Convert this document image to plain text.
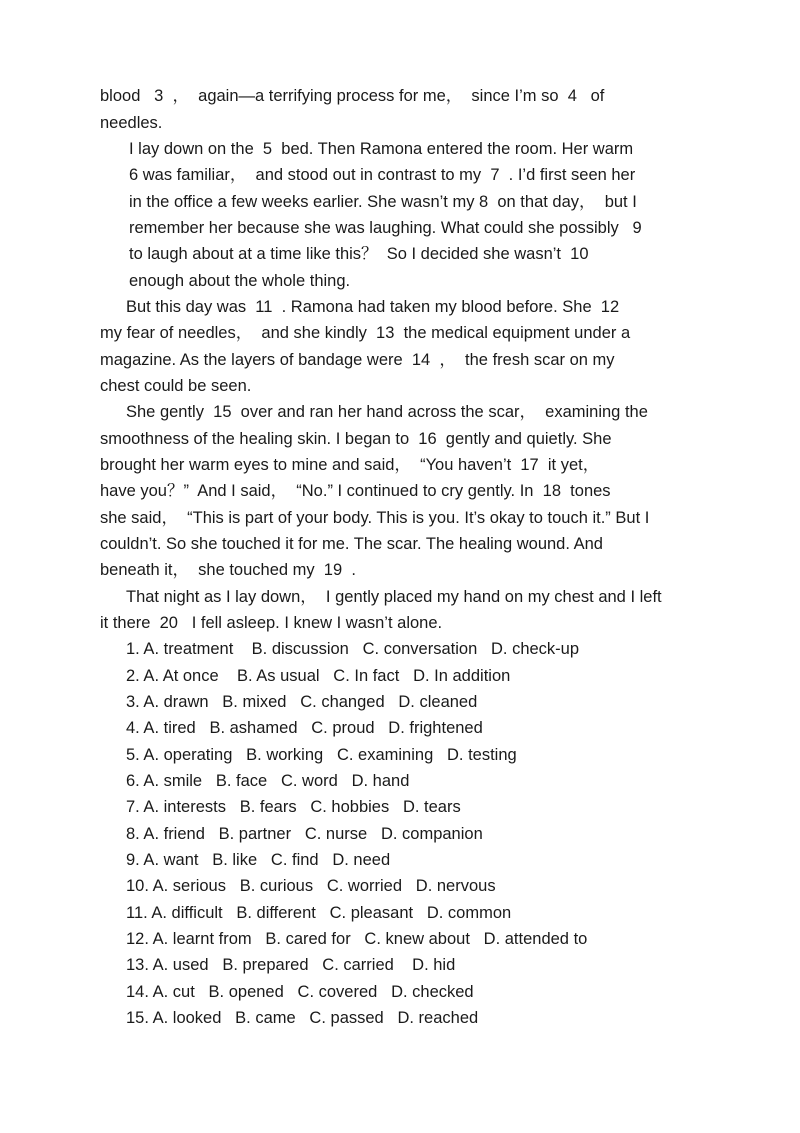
blood   3  ，  again—a terrifying process for me，  since I’m so  4   of
needles.
I lay down on the  5  bed. Then Ramona entered the room. Her warm
6 was familiar，  and stood out in contrast to my  7  . I’d first seen her
in the office a few weeks earlier. She wasn’t my 8  on that day，  but I
remember her because she was laughing. What could she possibly   9
to laugh about at a time like this？  So I decided she wasn’t  10
enough about the whole thing.
But this day was  11  . Ramona had taken my blood before. She  12
my fear of needles，  and she kindly  13  the medical equipment under a
magazine. As the layers of bandage were  14  ，  the fresh scar on my
chest could be seen.
She gently  15  over and ran her hand across the scar，  examining the
smoothness of the healing skin. I began to  16  gently and quietly. She
brought her warm eyes to mine and said，  “You haven’t  17  it yet，
have you？”  And I said，  “No.” I continued to cry gently. In  18  tones
she said，  “This is part of your body. This is you. It’s okay to touch it.” But I
couldn’t. So she touched it for me. The scar. The healing wound. And
beneath it，  she touched my  19  .
That night as I lay down，  I gently placed my hand on my chest and I left
it there  20   I fell asleep. I knew I wasn’t alone.
1. A. treatment    B. discussion   C. conversation   D. check-up
2. A. At once    B. As usual   C. In fact   D. In addition
3. A. drawn   B. mixed   C. changed   D. cleaned
4. A. tired   B. ashamed   C. proud   D. frightened
5. A. operating   B. working   C. examining   D. testing
6. A. smile   B. face   C. word   D. hand
7. A. interests   B. fears   C. hobbies   D. tears
8. A. friend   B. partner   C. nurse   D. companion
9. A. want   B. like   C. find   D. need
10. A. serious   B. curious   C. worried   D. nervous
11. A. difficult   B. different   C. pleasant   D. common
12. A. learnt from   B. cared for   C. knew about   D. attended to
13. A. used   B. prepared   C. carried    D. hid
14. A. cut   B. opened   C. covered   D. checked
15. A. looked   B. came   C. passed   D. reached
